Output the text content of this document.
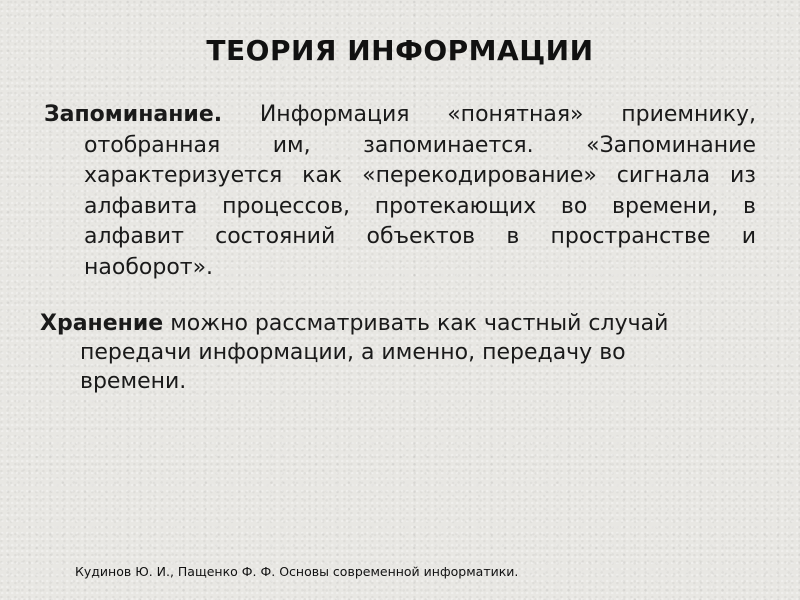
ТЕОРИЯ ИНФОРМАЦИИ
Запоминание. Информация «понятная» приемнику, отобранная им, запоминается. «Запоминание характеризуется как «перекодирование» сигнала из алфавита процессов, протекающих во времени, в алфавит состояний объектов в пространстве и наоборот».
Хранение можно рассматривать как частный случай передачи информации, а именно, передачу во времени.
Кудинов Ю. И., Пащенко Ф. Ф. Основы современной информатики.
